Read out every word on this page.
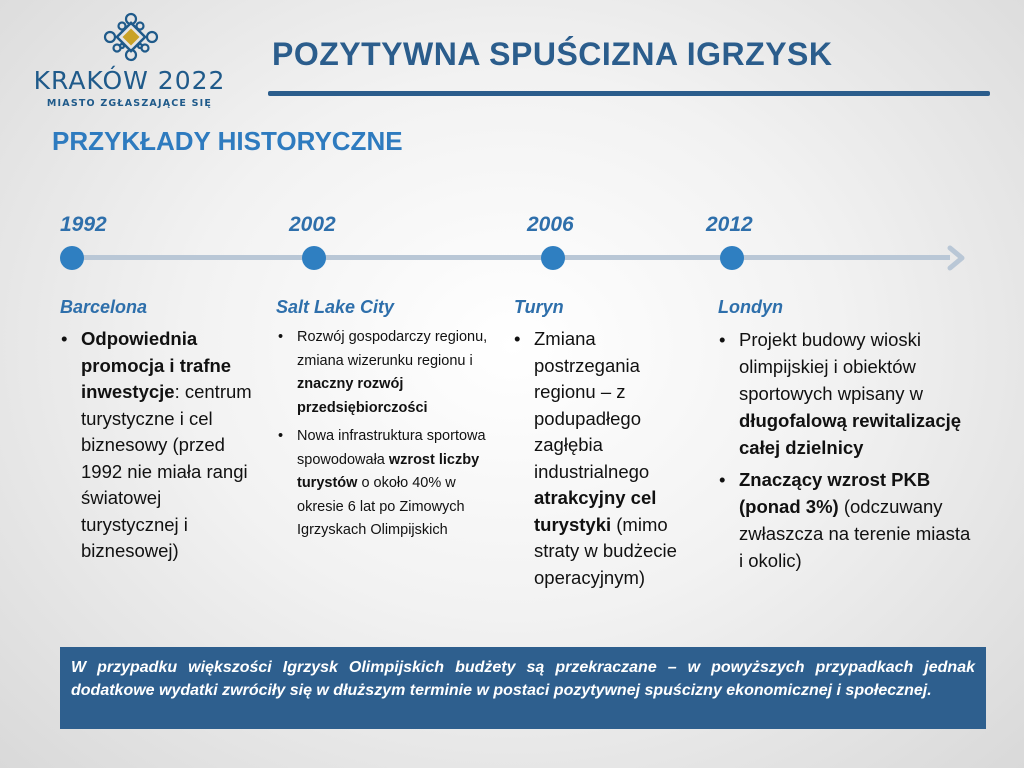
KRAKÓW 2022
MIASTO ZGŁASZAJĄCE SIĘ
POZYTYWNA SPUŚCIZNA IGRZYSK
PRZYKŁADY HISTORYCZNE
1992	2002	2006	2012
Barcelona
• Odpowiednia promocja i trafne inwestycje: centrum turystyczne i cel biznesowy (przed 1992 nie miała rangi światowej turystycznej i biznesowej)
Salt Lake City
• Rozwój gospodarczy regionu, zmiana wizerunku regionu i znaczny rozwój przedsiębiorczości
• Nowa infrastruktura sportowa spowodowała wzrost liczby turystów o około 40% w okresie 6 lat po Zimowych Igrzyskach Olimpijskich
Turyn
• Zmiana postrzegania regionu – z podupadłego zagłębia industrialnego atrakcyjny cel turystyki (mimo straty w budżecie operacyjnym)
Londyn
• Projekt budowy wioski olimpijskiej i obiektów sportowych wpisany w długofalową rewitalizację całej dzielnicy
• Znaczący wzrost PKB (ponad 3%) (odczuwany zwłaszcza na terenie miasta i okolic)
W przypadku większości Igrzysk Olimpijskich budżety są przekraczane – w powyższych przypadkach jednak dodatkowe wydatki zwróciły się w dłuższym terminie w postaci pozytywnej spuścizny ekonomicznej i społecznej.
